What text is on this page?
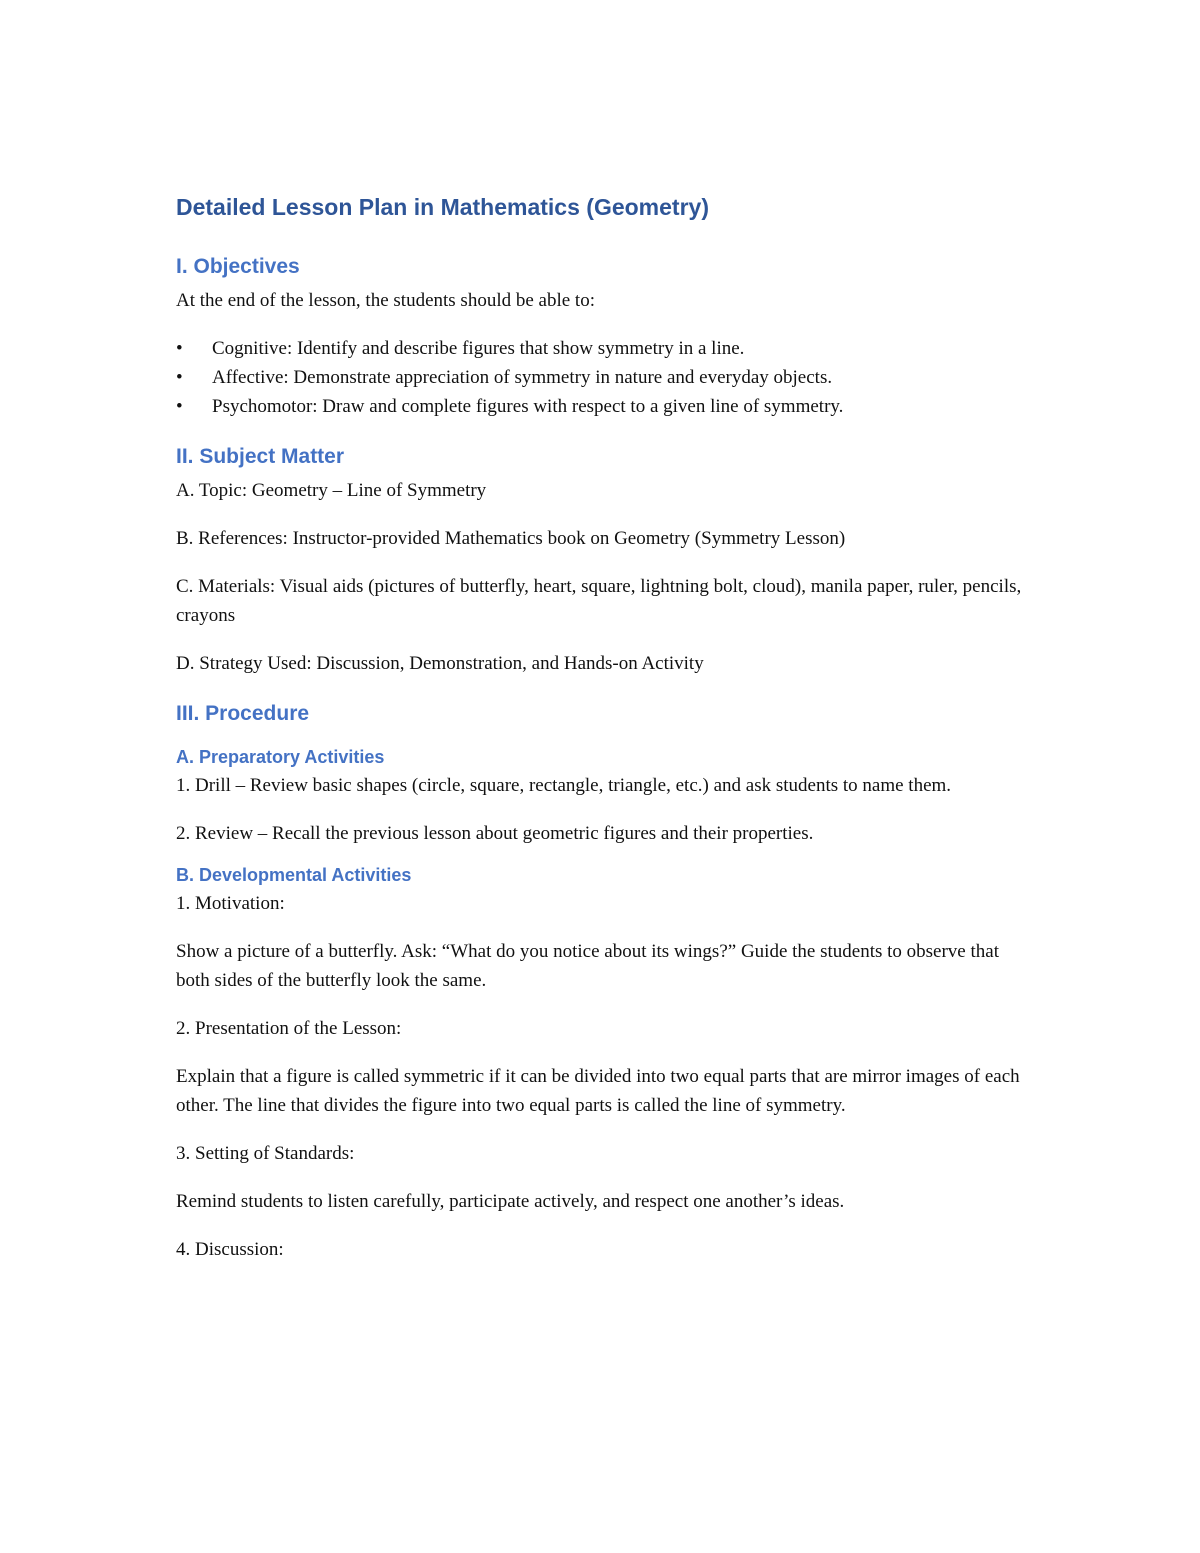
Detailed Lesson Plan in Mathematics (Geometry)
I. Objectives

At the end of the lesson, the students should be able to:

• Cognitive: Identify and describe figures that show symmetry in a line.
• Affective: Demonstrate appreciation of symmetry in nature and everyday objects.
• Psychomotor: Draw and complete figures with respect to a given line of symmetry.
II. Subject Matter

A. Topic: Geometry – Line of Symmetry

B. References: Instructor-provided Mathematics book on Geometry (Symmetry Lesson)

C. Materials: Visual aids (pictures of butterfly, heart, square, lightning bolt, cloud), manila paper, ruler, pencils, crayons

D. Strategy Used: Discussion, Demonstration, and Hands-on Activity

III. Procedure
A. Preparatory Activities

1. Drill – Review basic shapes (circle, square, rectangle, triangle, etc.) and ask students to name them.

2. Review – Recall the previous lesson about geometric figures and their properties.

B. Developmental Activities

1. Motivation:

Show a picture of a butterfly. Ask: “What do you notice about its wings?” Guide the students to observe that both sides of the butterfly look the same.

2. Presentation of the Lesson:

Explain that a figure is called symmetric if it can be divided into two equal parts that are mirror images of each other. The line that divides the figure into two equal parts is called the line of symmetry.

3. Setting of Standards:

Remind students to listen carefully, participate actively, and respect one another’s ideas.

4. Discussion:
